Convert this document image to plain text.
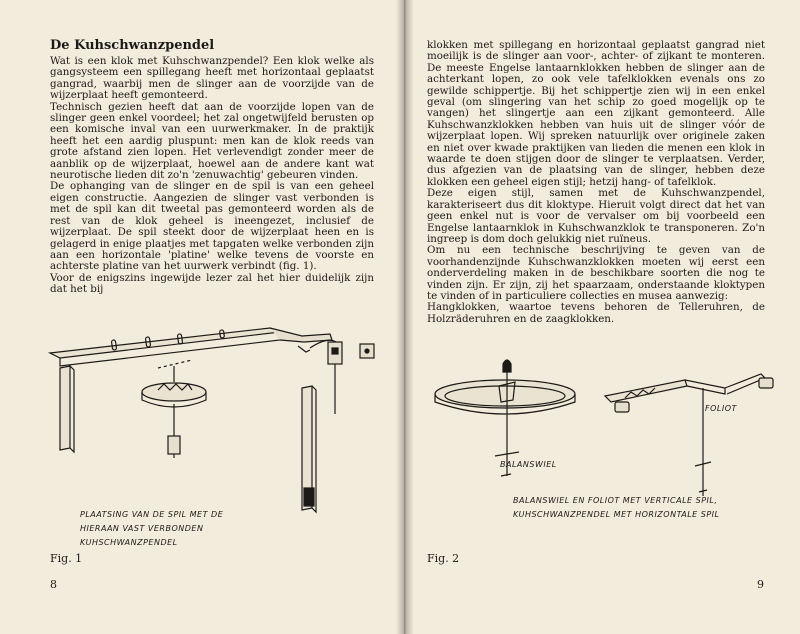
De Kuhschwanzpendel

Wat is een klok met Kuhschwanzpendel? Een klok welke als gangsysteem een spillegang heeft met horizontaal geplaatst gangrad, waarbij men de slinger aan de voorzijde van de wijzerplaat heeft gemonteerd.

Technisch gezien heeft dat aan de voorzijde lopen van de slinger geen enkel voordeel; het zal ongetwijfeld berusten op een komische inval van een uurwerkmaker. In de praktijk heeft het een aardig pluspunt: men kan de klok reeds van grote afstand zien lopen. Het verlevendigt zonder meer de aanblik op de wijzerplaat, hoewel aan de andere kant wat neurotische lieden dit zo'n 'zenuwachtig' gebeuren vinden.

De ophanging van de slinger en de spil is van een geheel eigen constructie. Aangezien de slinger vast verbonden is met de spil kan dit tweetal pas gemonteerd worden als de rest van de klok geheel is ineengezet, inclusief de wijzerplaat. De spil steekt door de wijzerplaat heen en is gelagerd in enige plaatjes met tapgaten welke verbonden zijn aan een horizontale 'platine' welke tevens de voorste en achterste platine van het uurwerk verbindt (fig. 1).

Voor de enigszins ingewijde lezer zal het hier duidelijk zijn dat het bij

PLAATSING VAN DE SPIL MET DE
HIERAAN VAST VERBONDEN
KUHSCHWANZPENDEL
Fig. 1
8

klokken met spillegang en horizontaal geplaatst gangrad niet moeilijk is de slinger aan voor-, achter- of zijkant te monteren. De meeste Engelse lantaarnklokken hebben de slinger aan de achterkant lopen, zo ook vele tafelklokken evenals ons zo gewilde schippertje. Bij het schippertje zien wij in een enkel geval (om slingering van het schip zo goed mogelijk op te vangen) het slingertje aan een zijkant gemonteerd. Alle Kuhschwanzklokken hebben van huis uit de slinger vóór de wijzerplaat lopen. Wij spreken natuurlijk over originele zaken en niet over kwade praktijken van lieden die menen een klok in waarde te doen stijgen door de slinger te verplaatsen. Verder, dus afgezien van de plaatsing van de slinger, hebben deze klokken een geheel eigen stijl; hetzij hang- of tafelklok.

Deze eigen stijl, samen met de Kuhschwanzpendel, karakteriseert dus dit kloktype. Hieruit volgt direct dat het van geen enkel nut is voor de vervalser om bij voorbeeld een Engelse lantaarnklok in Kuhschwanzklok te transponeren. Zo'n ingreep is dom doch gelukkig niet ruïneus.

Om nu een technische beschrijving te geven van de voorhandenzijnde Kuhschwanzklokken moeten wij eerst een onderverdeling maken in de beschikbare soorten die nog te vinden zijn. Er zijn, zij het spaarzaam, onderstaande kloktypen te vinden of in particuliere collecties en musea aanwezig:

Hangklokken, waartoe tevens behoren de Telleruhren, de Holzräderuhren en de zaagklokken.

FOLIOT
BALANSWIEL
BALANSWIEL EN FOLIOT MET VERTICALE SPIL,
KUHSCHWANZPENDEL MET HORIZONTALE SPIL
Fig. 2
9
